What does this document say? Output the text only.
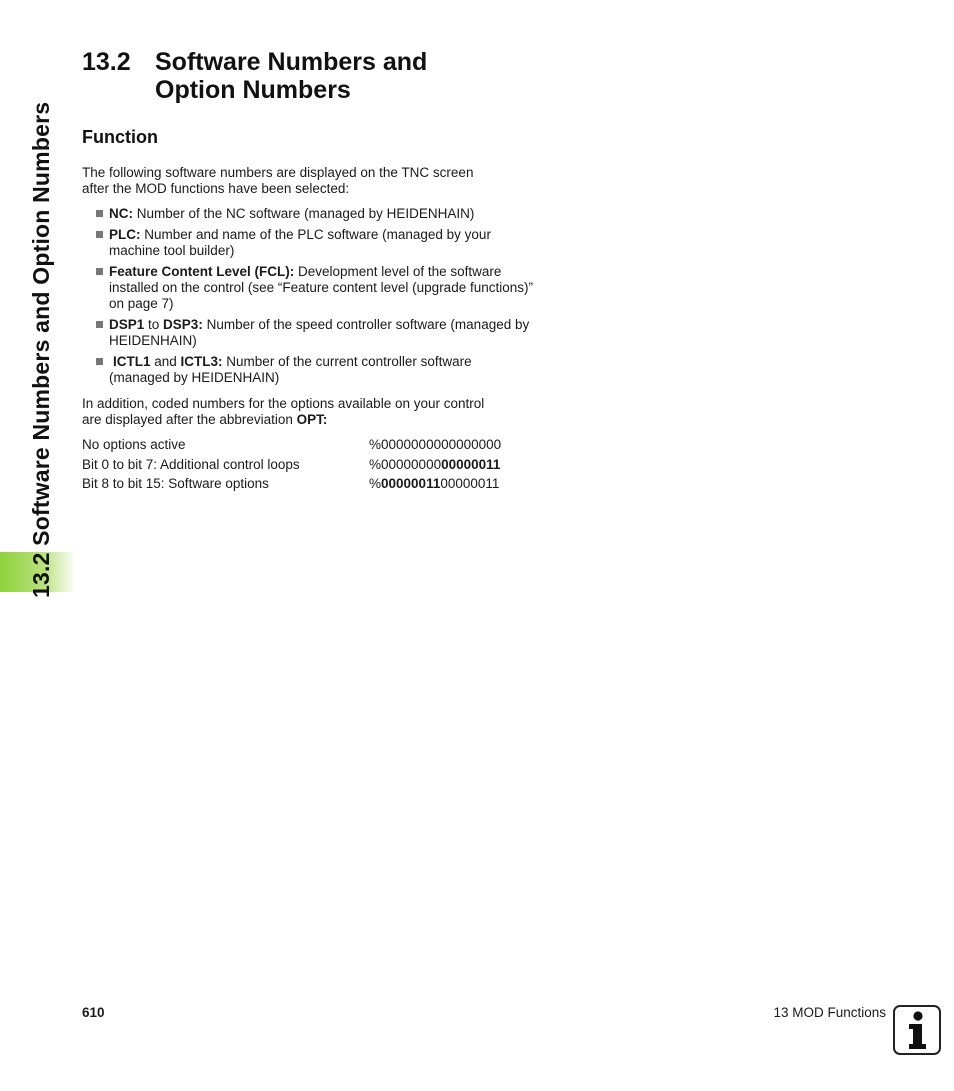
13.2 Software Numbers and Option Numbers
13.2 Software Numbers and
Option Numbers
Function
The following software numbers are displayed on the TNC screen
after the MOD functions have been selected:
NC: Number of the NC software (managed by HEIDENHAIN)
PLC: Number and name of the PLC software (managed by your machine tool builder)
Feature Content Level (FCL): Development level of the software installed on the control (see “Feature content level (upgrade functions)” on page 7)
DSP1 to DSP3: Number of the speed controller software (managed by HEIDENHAIN)
ICTL1 and ICTL3: Number of the current controller software (managed by HEIDENHAIN)
In addition, coded numbers for the options available on your control
are displayed after the abbreviation OPT:
No options active	%0000000000000000
Bit 0 to bit 7: Additional control loops	%0000000000000011
Bit 8 to bit 15: Software options	%0000001100000011
610	13 MOD Functions
